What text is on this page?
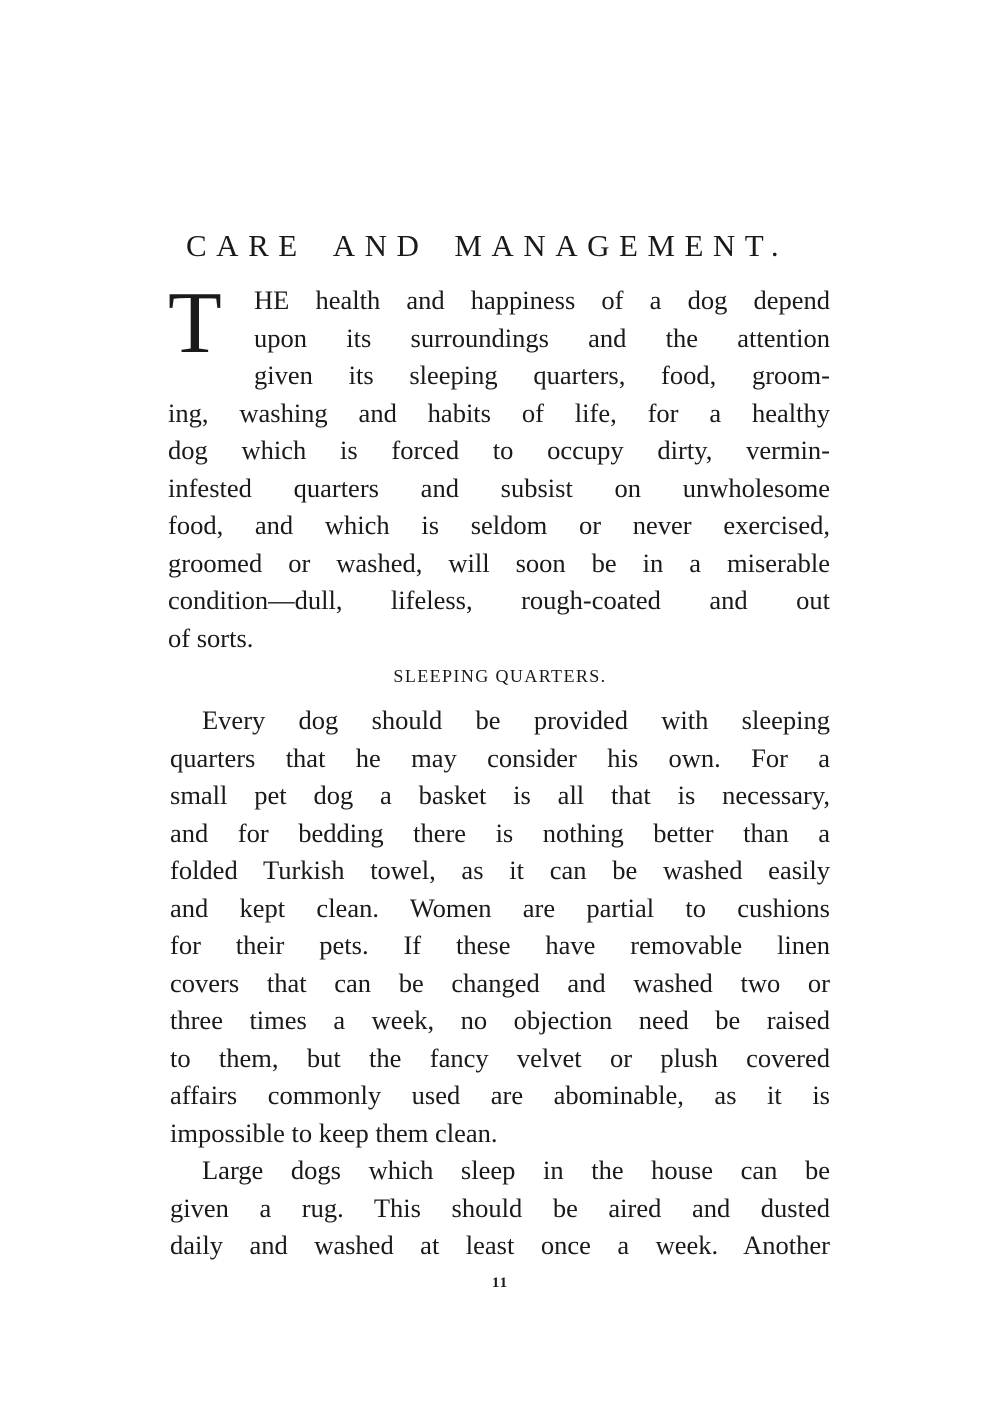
CARE AND MANAGEMENT.
T	HE health and happiness of a dog depend
upon its surroundings and the attention
given its sleeping quarters, food, groom-
ing, washing and habits of life, for a healthy
dog which is forced to occupy dirty, vermin-
infested quarters and subsist on unwholesome
food, and which is seldom or never exercised,
groomed or washed, will soon be in a miserable
condition—dull, lifeless, rough-coated and out
of sorts.
SLEEPING QUARTERS.
Every dog should be provided with sleeping
quarters that he may consider his own. For a
small pet dog a basket is all that is necessary,
and for bedding there is nothing better than a
folded Turkish towel, as it can be washed easily
and kept clean. Women are partial to cushions
for their pets. If these have removable linen
covers that can be changed and washed two or
three times a week, no objection need be raised
to them, but the fancy velvet or plush covered
affairs commonly used are abominable, as it is
impossible to keep them clean.
Large dogs which sleep in the house can be
given a rug. This should be aired and dusted
daily and washed at least once a week. Another
11
